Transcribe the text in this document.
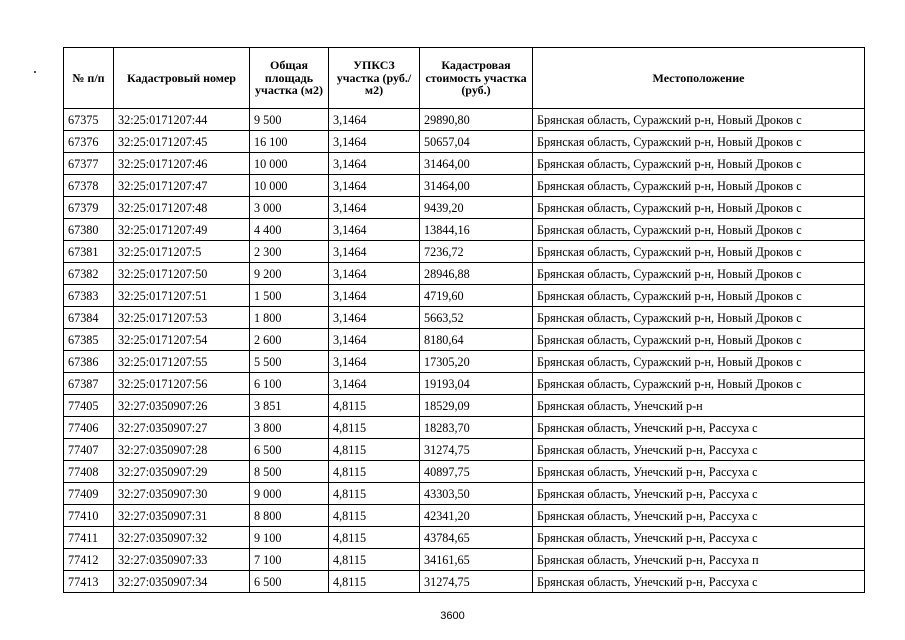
№ п/п	Кадастровый номер	Общая площадь участка (м2)	УПКСЗ участка (руб./м2)	Кадастровая стоимость участка (руб.)	Местоположение
67375	32:25:0171207:44	9 500	3,1464	29890,80	Брянская область, Суражский р-н, Новый Дроков с
67376	32:25:0171207:45	16 100	3,1464	50657,04	Брянская область, Суражский р-н, Новый Дроков с
67377	32:25:0171207:46	10 000	3,1464	31464,00	Брянская область, Суражский р-н, Новый Дроков с
67378	32:25:0171207:47	10 000	3,1464	31464,00	Брянская область, Суражский р-н, Новый Дроков с
67379	32:25:0171207:48	3 000	3,1464	9439,20	Брянская область, Суражский р-н, Новый Дроков с
67380	32:25:0171207:49	4 400	3,1464	13844,16	Брянская область, Суражский р-н, Новый Дроков с
67381	32:25:0171207:5	2 300	3,1464	7236,72	Брянская область, Суражский р-н, Новый Дроков с
67382	32:25:0171207:50	9 200	3,1464	28946,88	Брянская область, Суражский р-н, Новый Дроков с
67383	32:25:0171207:51	1 500	3,1464	4719,60	Брянская область, Суражский р-н, Новый Дроков с
67384	32:25:0171207:53	1 800	3,1464	5663,52	Брянская область, Суражский р-н, Новый Дроков с
67385	32:25:0171207:54	2 600	3,1464	8180,64	Брянская область, Суражский р-н, Новый Дроков с
67386	32:25:0171207:55	5 500	3,1464	17305,20	Брянская область, Суражский р-н, Новый Дроков с
67387	32:25:0171207:56	6 100	3,1464	19193,04	Брянская область, Суражский р-н, Новый Дроков с
77405	32:27:0350907:26	3 851	4,8115	18529,09	Брянская область, Унечский р-н
77406	32:27:0350907:27	3 800	4,8115	18283,70	Брянская область, Унечский р-н, Рассуха с
77407	32:27:0350907:28	6 500	4,8115	31274,75	Брянская область, Унечский р-н, Рассуха с
77408	32:27:0350907:29	8 500	4,8115	40897,75	Брянская область, Унечский р-н, Рассуха с
77409	32:27:0350907:30	9 000	4,8115	43303,50	Брянская область, Унечский р-н, Рассуха с
77410	32:27:0350907:31	8 800	4,8115	42341,20	Брянская область, Унечский р-н, Рассуха с
77411	32:27:0350907:32	9 100	4,8115	43784,65	Брянская область, Унечский р-н, Рассуха с
77412	32:27:0350907:33	7 100	4,8115	34161,65	Брянская область, Унечский р-н, Рассуха п
77413	32:27:0350907:34	6 500	4,8115	31274,75	Брянская область, Унечский р-н, Рассуха с
3600
